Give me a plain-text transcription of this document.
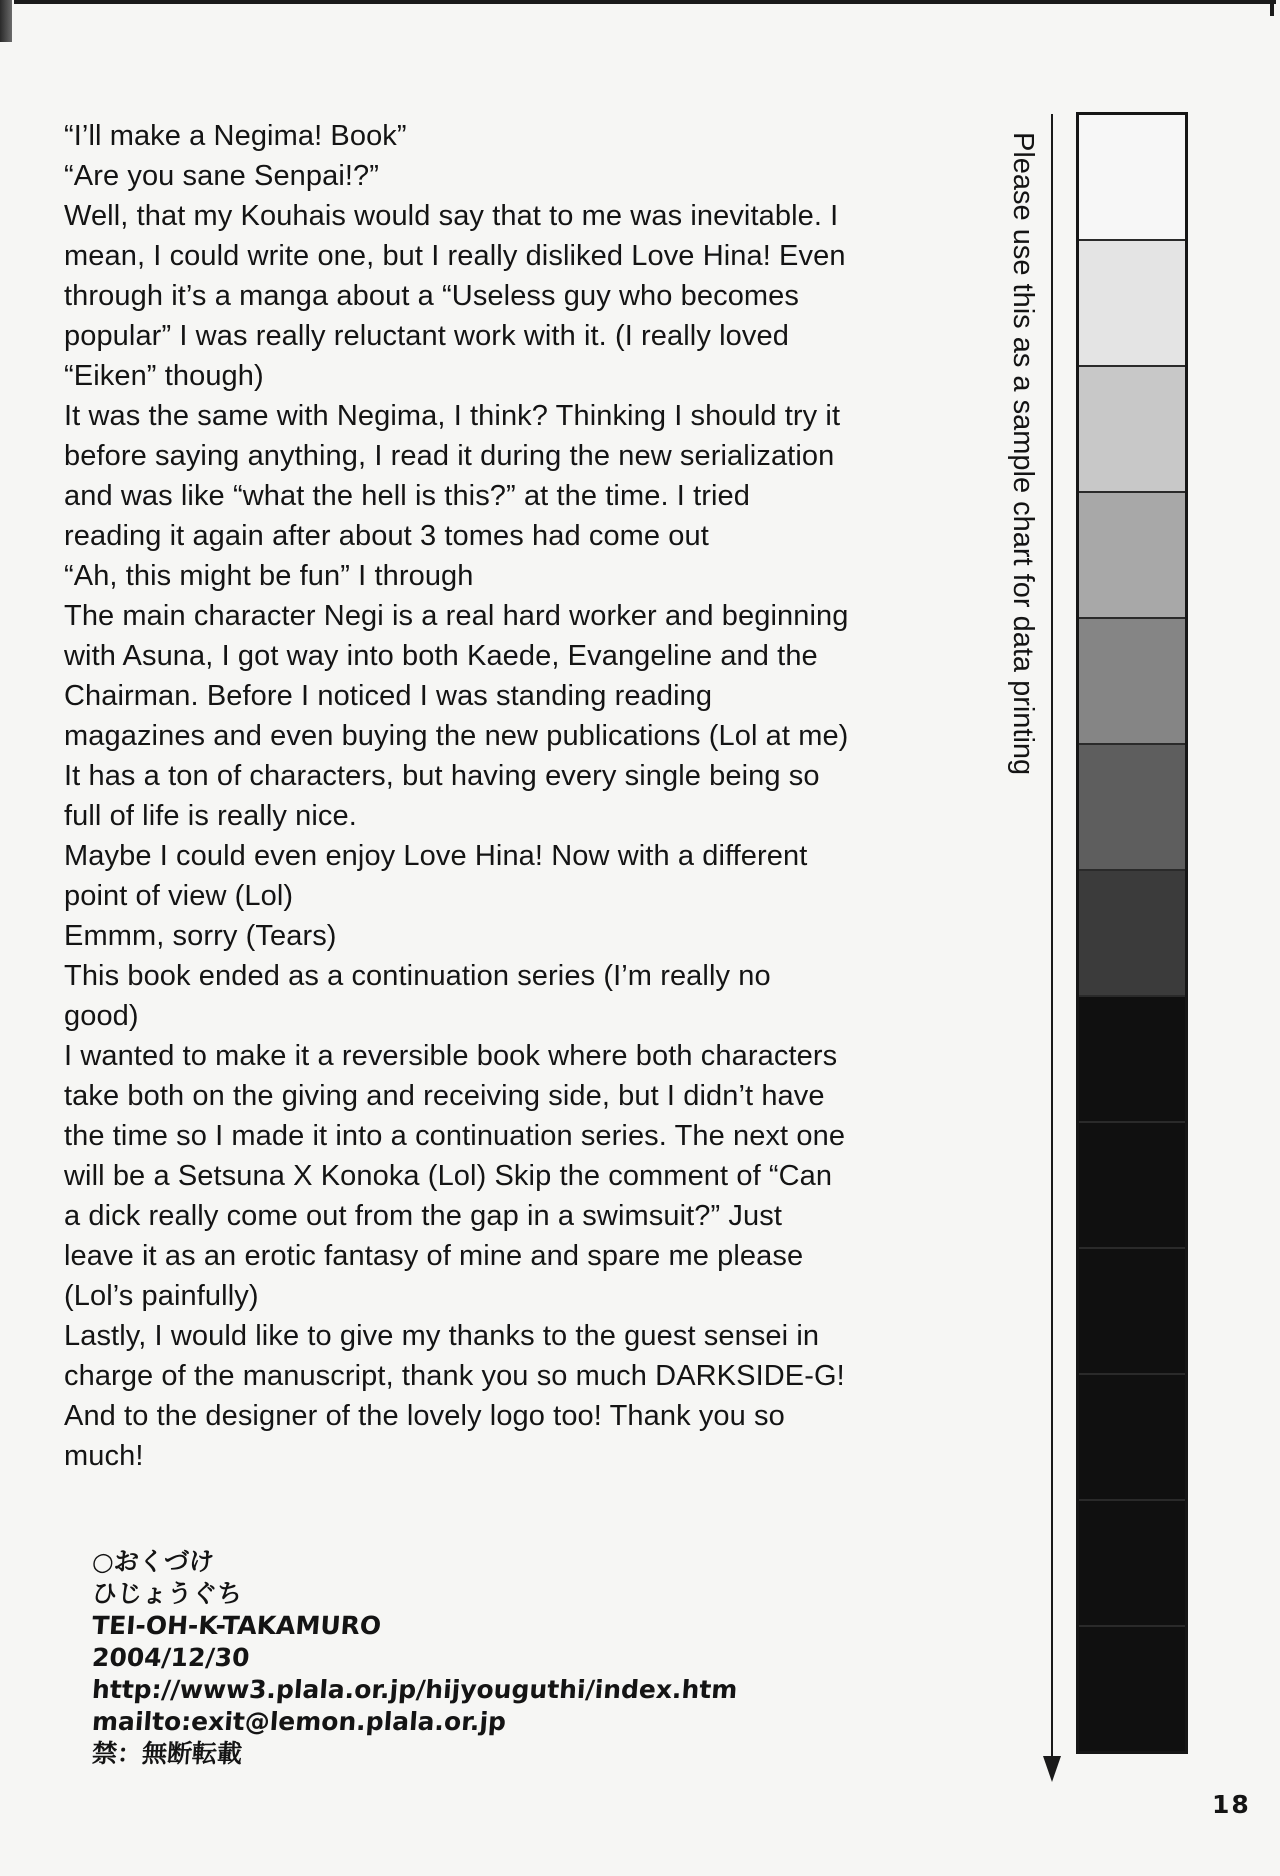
“I’ll make a Negima! Book”
“Are you sane Senpai!?”
Well, that my Kouhais would say that to me was inevitable. I
mean, I could write one, but I really disliked Love Hina! Even
through it’s a manga about a “Useless guy who becomes
popular” I was really reluctant work with it. (I really loved
“Eiken” though)
It was the same with Negima, I think? Thinking I should try it
before saying anything, I read it during the new serialization
and was like “what the hell is this?” at the time. I tried
reading it again after about 3 tomes had come out
“Ah, this might be fun” I through
The main character Negi is a real hard worker and beginning
with Asuna, I got way into both Kaede, Evangeline and the
Chairman. Before I noticed I was standing reading
magazines and even buying the new publications (Lol at me)
It has a ton of characters, but having every single being so
full of life is really nice.
Maybe I could even enjoy Love Hina! Now with a different
point of view (Lol)
Emmm, sorry (Tears)
This book ended as a continuation series (I’m really no
good)
I wanted to make it a reversible book where both characters
take both on the giving and receiving side, but I didn’t have
the time so I made it into a continuation series. The next one
will be a Setsuna X Konoka (Lol) Skip the comment of “Can
a dick really come out from the gap in a swimsuit?” Just
leave it as an erotic fantasy of mine and spare me please
(Lol’s painfully)
Lastly, I would like to give my thanks to the guest sensei in
charge of the manuscript, thank you so much DARKSIDE-G!
And to the designer of the lovely logo too! Thank you so
much!
○おくづけ
ひじょうぐち
TEI-OH-K-TAKAMURO
2004/12/30
http://www3.plala.or.jp/hijyouguthi/index.htm
mailto:exit@lemon.plala.or.jp
禁：無断転載
Please use this as a sample chart for data printing
18
